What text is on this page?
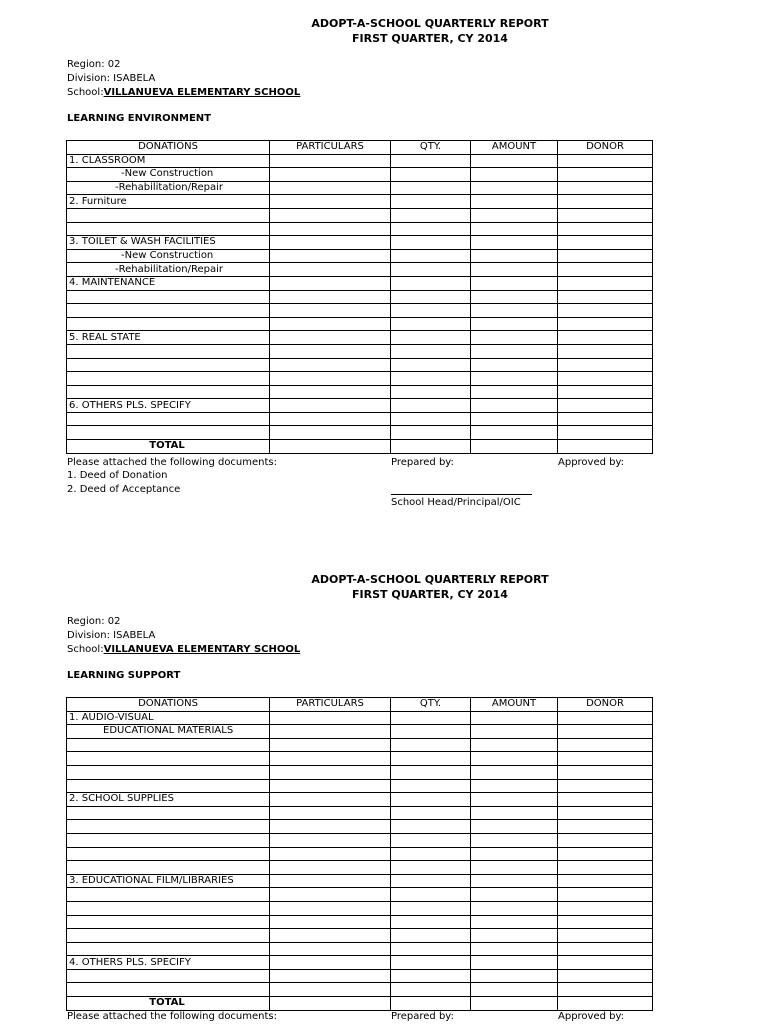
ADOPT-A-SCHOOL QUARTERLY REPORT
FIRST QUARTER, CY 2014
Region: 02
Division: ISABELA
School:VILLANUEVA ELEMENTARY SCHOOL
LEARNING ENVIRONMENT
DONATIONS	PARTICULARS	QTY.	AMOUNT	DONOR
1. CLASSROOM				
-New Construction				
-Rehabilitation/Repair				
2. Furniture				

3. TOILET & WASH FACILITIES				
-New Construction				
-Rehabilitation/Repair				
4. MAINTENANCE				

5. REAL STATE				

6. OTHERS PLS. SPECIFY				

TOTAL				
Please attached the following documents:
1. Deed of Donation
2. Deed of Acceptance
Prepared by:	Approved by:
School Head/Principal/OIC
ADOPT-A-SCHOOL QUARTERLY REPORT
FIRST QUARTER, CY 2014
Region: 02
Division: ISABELA
School:VILLANUEVA ELEMENTARY SCHOOL
LEARNING SUPPORT
DONATIONS	PARTICULARS	QTY.	AMOUNT	DONOR
1. AUDIO-VISUAL				
EDUCATIONAL MATERIALS				

2. SCHOOL SUPPLIES				

3. EDUCATIONAL FILM/LIBRARIES				

4. OTHERS PLS. SPECIFY				

TOTAL				
Please attached the following documents:	Prepared by:	Approved by:
